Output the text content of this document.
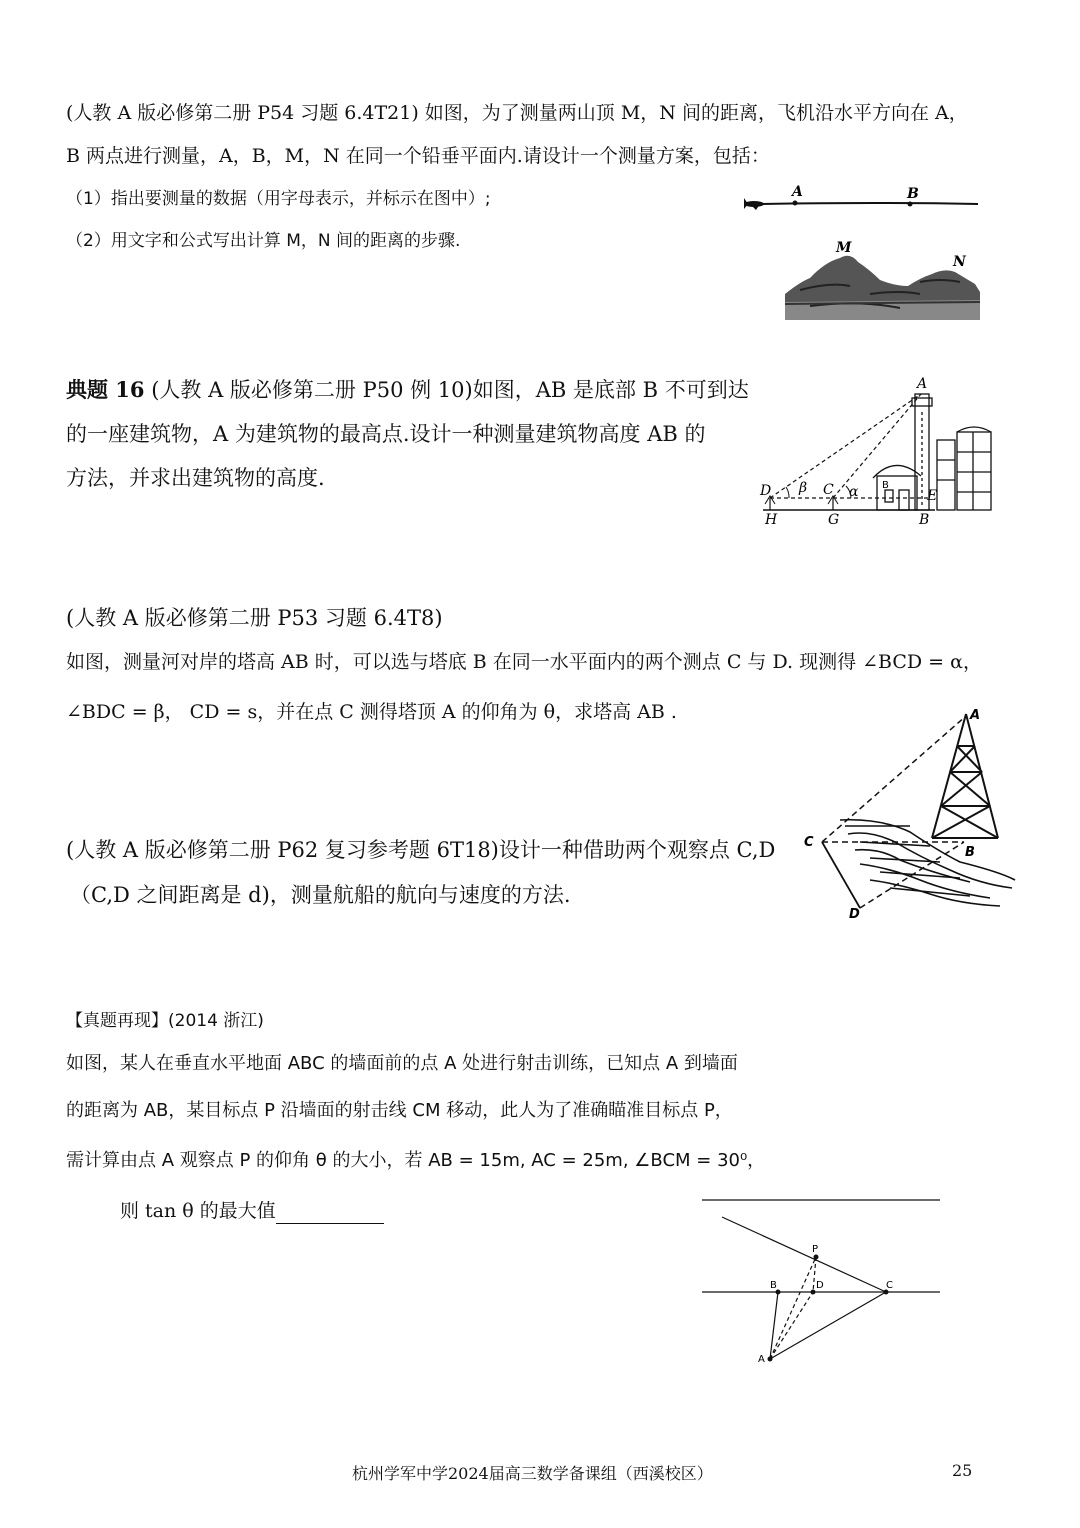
(人教 A 版必修第二册 P54 习题 6.4T21) 如图，为了测量两山顶 M，N 间的距离，飞机沿水平方向在 A，
B 两点进行测量，A，B，M，N 在同一个铅垂平面内.请设计一个测量方案，包括：
（1）指出要测量的数据（用字母表示，并标示在图中）;
（2）用文字和公式写出计算 M，N 间的距离的步骤.
A	B
M
N
典题 16 (人教 A 版必修第二册 P50 例 10)如图，AB 是底部 B 不可到达
的一座建筑物，A 为建筑物的最高点.设计一种测量建筑物高度 AB 的
方法，并求出建筑物的高度.
A
D β C α	E
H	G	B
B
(人教 A 版必修第二册 P53 习题 6.4T8)
如图，测量河对岸的塔高 AB 时，可以选与塔底 B 在同一水平面内的两个测点 C 与 D. 现测得 ∠BCD = α，
∠BDC = β， CD = s，并在点 C 测得塔顶 A 的仰角为 θ，求塔高 AB .	A
B
C
D
(人教 A 版必修第二册 P62 复习参考题 6T18)设计一种借助两个观察点 C,D
（C,D 之间距离是 d)，测量航船的航向与速度的方法.
【真题再现】(2014 浙江)
如图，某人在垂直水平地面 ABC 的墙面前的点 A 处进行射击训练，已知点 A 到墙面
的距离为 AB，某目标点 P 沿墙面的射击线 CM 移动，此人为了准确瞄准目标点 P，
需计算由点 A 观察点 P 的仰角 θ 的大小，若 AB = 15m, AC = 25m, ∠BCM = 30⁰，
则 tan θ 的最大值
P
B	D	C
A
杭州学军中学2024届高三数学备课组（西溪校区）	25
